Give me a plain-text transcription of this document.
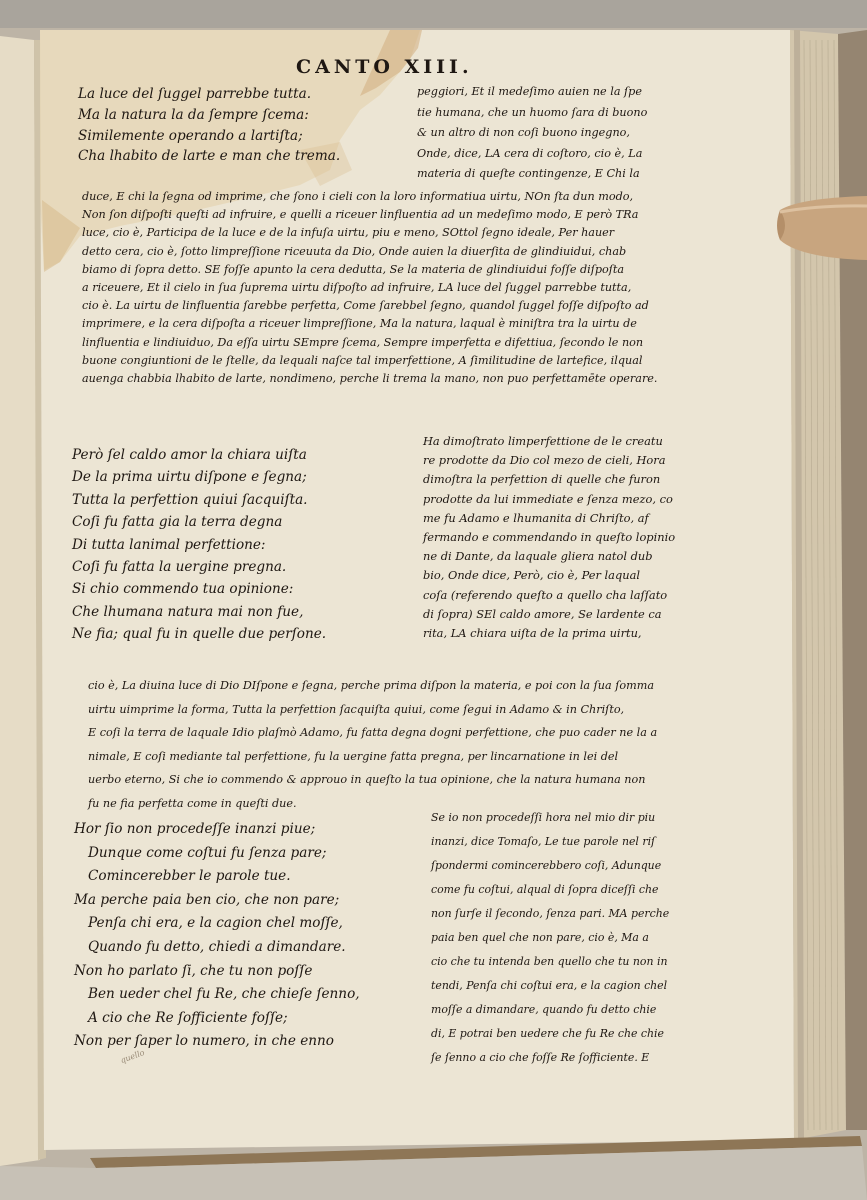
CANTO XIII.
La luce del ſuggel parrebbe tutta.
Ma la natura la da ſempre ſcema:
Similemente operando a lartiſta;
Cha lhabito de larte e man che trema.
peggiori, Et il medeſimo auien ne la ſpe
tie humana, che un huomo ſara di buono
& un altro di non coſi buono ingegno,
Onde, dice, LA cera di coſtoro, cio è, La
materia di queſte contingenze, E Chi la
duce, E chi la ſegna od imprime, che ſono i cieli con la loro informatiua uirtu, NOn ſta dun modo,
Non ſon diſpoſti queſti ad infruire, e quelli a riceuer linfluentia ad un medeſimo modo, E però TRa
luce, cio è, Participa de la luce e de la infuſa uirtu, piu e meno, SOttol ſegno ideale, Per hauer
detto cera, cio è, ſotto limpreſſione riceuuta da Dio, Onde auien la diuerſita de glindiuidui, chab
biamo di ſopra detto. SE foſſe apunto la cera dedutta, Se la materia de glindiuidui foſſe diſpoſta
a riceuere, Et il cielo in ſua ſuprema uirtu diſpoſto ad infruire, LA luce del ſuggel parrebbe tutta,
cio è. La uirtu de linfluentia ſarebbe perfetta, Come ſarebbel ſegno, quandol ſuggel foſſe diſpoſto ad
imprimere, e la cera diſpoſta a riceuer limpreſſione, Ma la natura, laqual è miniſtra tra la uirtu de
linfluentia e lindiuiduo, Da eſſa uirtu SEmpre ſcema, Sempre imperfetta e difettiua, ſecondo le non
buone congiuntioni de le ſtelle, da lequali naſce tal imperfettione, A ſimilitudine de lartefice, ilqual
auenga chabbia lhabito de larte, nondimeno, perche li trema la mano, non puo perfettamēte operare.
Però ſel caldo amor la chiara uiſta
De la prima uirtu diſpone e ſegna;
Tutta la perfettion quiui ſacquiſta.
Coſi fu fatta gia la terra degna
Di tutta lanimal perfettione:
Coſi fu fatta la uergine pregna.
Si chio commendo tua opinione:
Che lhumana natura mai non fue,
Ne fia; qual fu in quelle due perſone.
Ha dimoſtrato limperfettione de le creatu
re prodotte da Dio col mezo de cieli, Hora
dimoſtra la perfettion di quelle che furon
prodotte da lui immediate e ſenza mezo, co
me fu Adamo e lhumanita di Chriſto, af
fermando e commendando in queſto lopinio
ne di Dante, da laquale gliera natol dub
bio, Onde dice, Però, cio è, Per laqual
coſa (referendo queſto a quello cha laſſato
di ſopra) SEl caldo amore, Se lardente ca
rita, LA chiara uiſta de la prima uirtu,
cio è, La diuina luce di Dio DIſpone e ſegna, perche prima diſpon la materia, e poi con la ſua ſomma
uirtu uimprime la forma, Tutta la perfettion ſacquiſta quiui, come ſegui in Adamo & in Chriſto,
E coſi la terra de laquale Idio plaſmò Adamo, fu fatta degna dogni perfettione, che puo cader ne la a
nimale, E coſi mediante tal perfettione, fu la uergine fatta pregna, per lincarnatione in lei del
uerbo eterno, Si che io commendo & approuo in queſto la tua opinione, che la natura humana non
fu ne fia perfetta come in queſti due.
Hor ſio non procedeſſe inanzi piue;
Dunque come coſtui fu ſenza pare;
Comincerebber le parole tue.
Ma perche paia ben cio, che non pare;
Penſa chi era, e la cagion chel moſſe,
Quando fu detto, chiedi a dimandare.
Non ho parlato ſi, che tu non poſſe
Ben ueder chel fu Re, che chieſe ſenno,
A cio che Re ſofficiente foſſe;
Non per ſaper lo numero, in che enno
Se io non procedeſſi hora nel mio dir piu
inanzi, dice Tomaſo, Le tue parole nel riſ
ſpondermi comincerebbero coſi, Adunque
come fu coſtui, alqual di ſopra diceſſi che
non ſurſe il ſecondo, ſenza pari. MA perche
paia ben quel che non pare, cio è, Ma a
cio che tu intenda ben quello che tu non in
tendi, Penſa chi coſtui era, e la cagion chel
moſſe a dimandare, quando fu detto chie
di, E potrai ben uedere che fu Re che chie
ſe ſenno a cio che foſſe Re ſofficiente. E
quello
